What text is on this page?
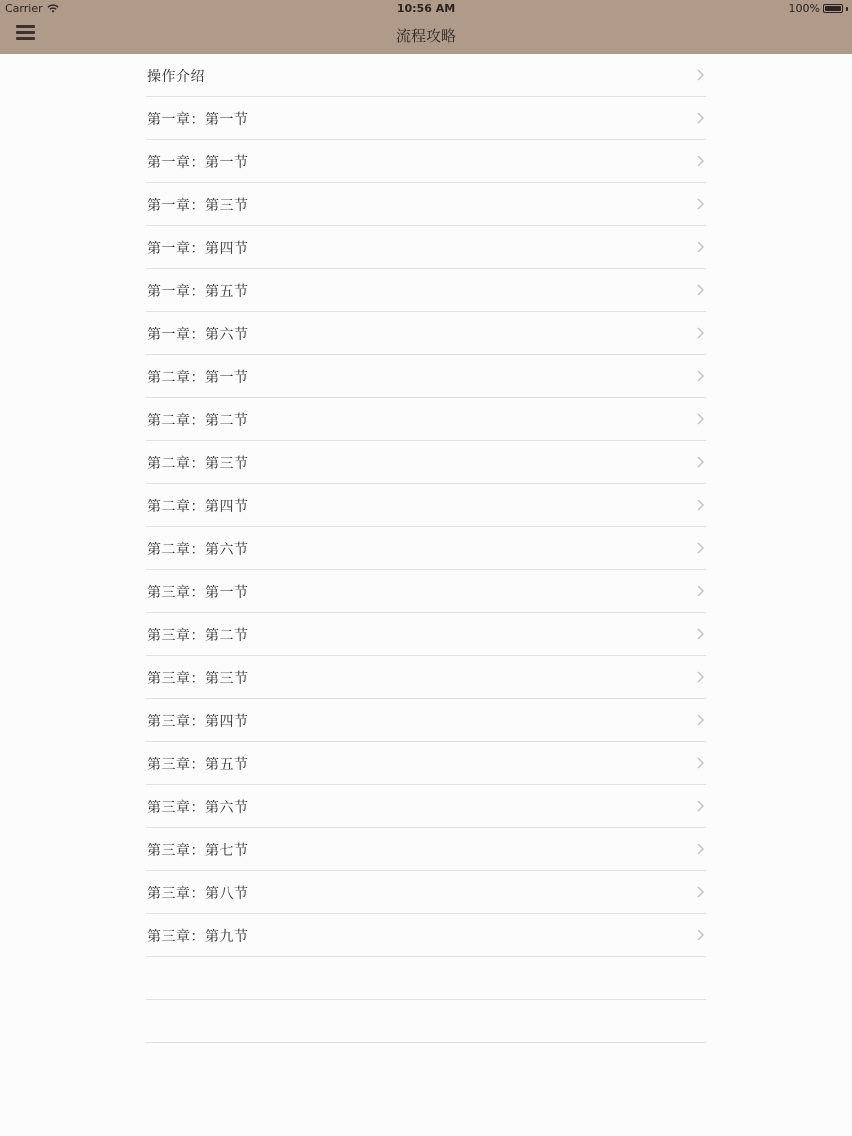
Carrier	10:56 AM	100%
流程攻略
操作介绍
第一章：第一节
第一章：第一节
第一章：第三节
第一章：第四节
第一章：第五节
第一章：第六节
第二章：第一节
第二章：第二节
第二章：第三节
第二章：第四节
第二章：第六节
第三章：第一节
第三章：第二节
第三章：第三节
第三章：第四节
第三章：第五节
第三章：第六节
第三章：第七节
第三章：第八节
第三章：第九节
